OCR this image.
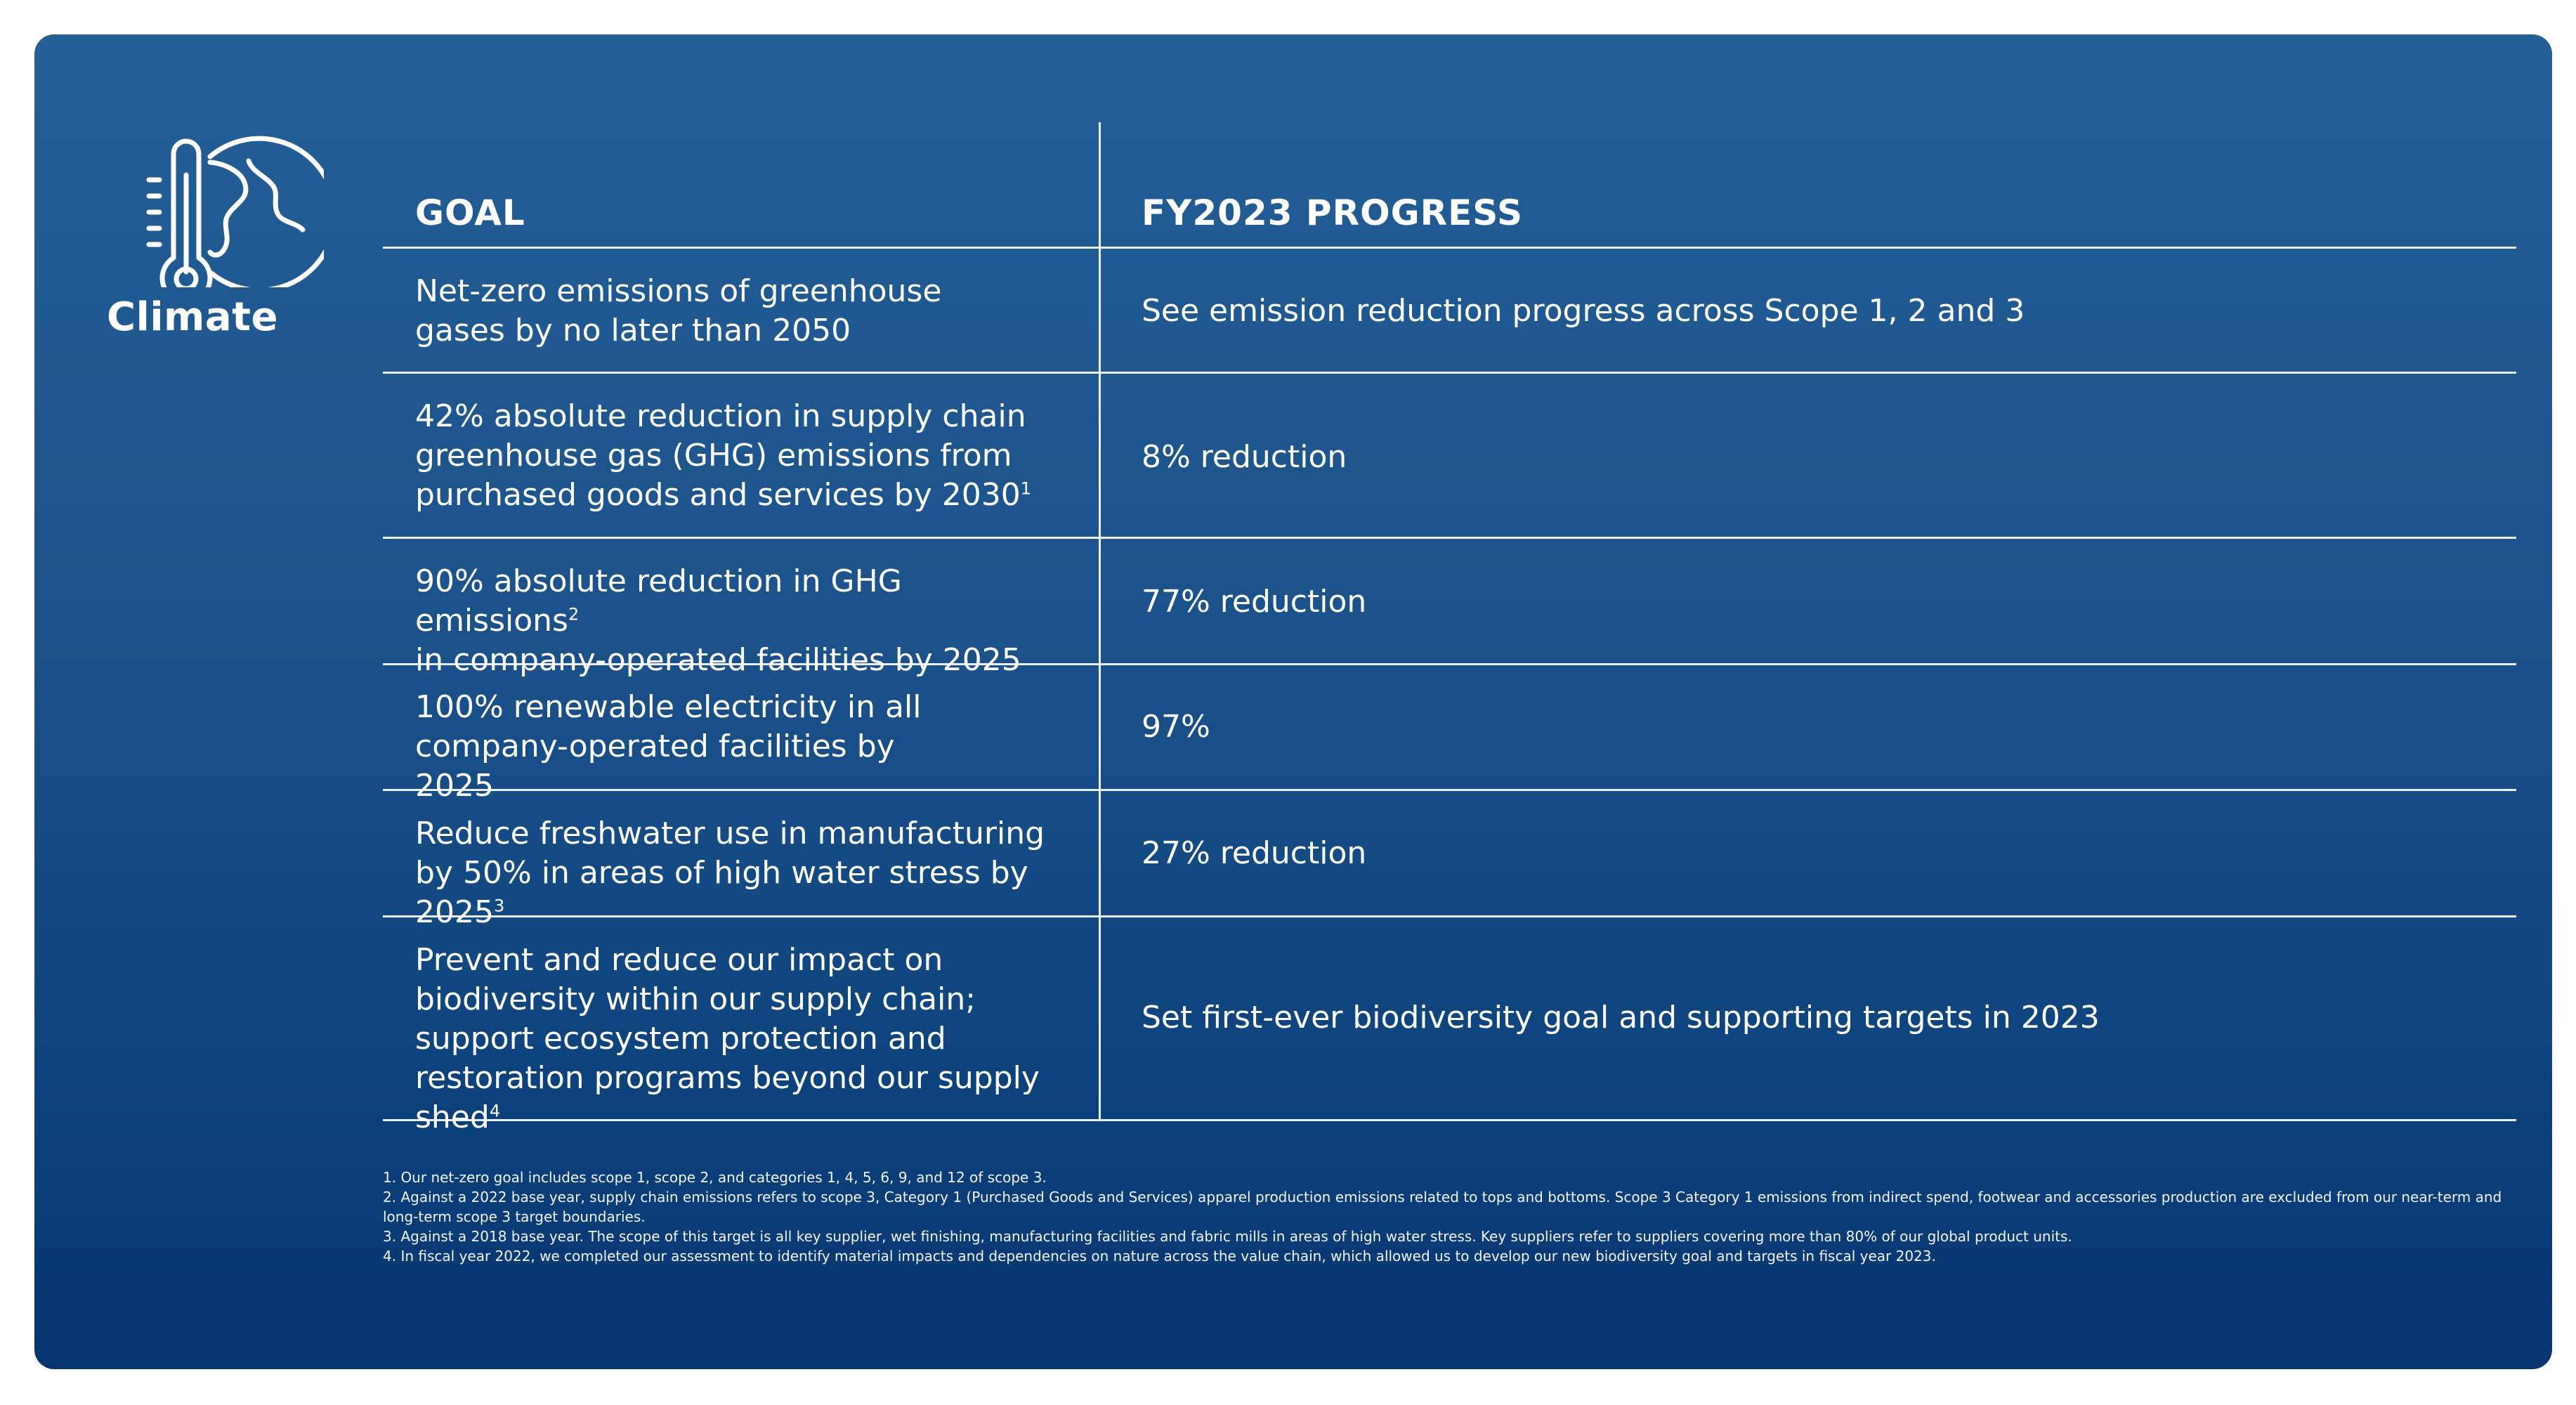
Climate
GOAL	FY2023 PROGRESS
Net-zero emissions of greenhouse gases by no later than 2050
See emission reduction progress across Scope 1, 2 and 3
42% absolute reduction in supply chain greenhouse gas (GHG) emissions from purchased goods and services by 2030$^1$
8% reduction
90% absolute reduction in GHG emissions$^2$
in company-operated facilities by 2025
77% reduction
100% renewable electricity in all company-operated facilities by 2025
97%
Reduce freshwater use in manufacturing by 50% in areas of high water stress by 2025$^3$
27% reduction
Prevent and reduce our impact on biodiversity within our supply chain; support ecosystem protection and restoration programs beyond our supply shed$^4$
Set first-ever biodiversity goal and supporting targets in 2023
1. Our net-zero goal includes scope 1, scope 2, and categories 1, 4, 5, 6, 9, and 12 of scope 3.
2. Against a 2022 base year, supply chain emissions refers to scope 3, Category 1 (Purchased Goods and Services) apparel production emissions related to tops and bottoms. Scope 3 Category 1 emissions from indirect spend, footwear and accessories production are excluded from our near-term and long-term scope 3 target boundaries.
3. Against a 2018 base year. The scope of this target is all key supplier, wet finishing, manufacturing facilities and fabric mills in areas of high water stress. Key suppliers refer to suppliers covering more than 80% of our global product units.
4. In fiscal year 2022, we completed our assessment to identify material impacts and dependencies on nature across the value chain, which allowed us to develop our new biodiversity goal and targets in fiscal year 2023.
